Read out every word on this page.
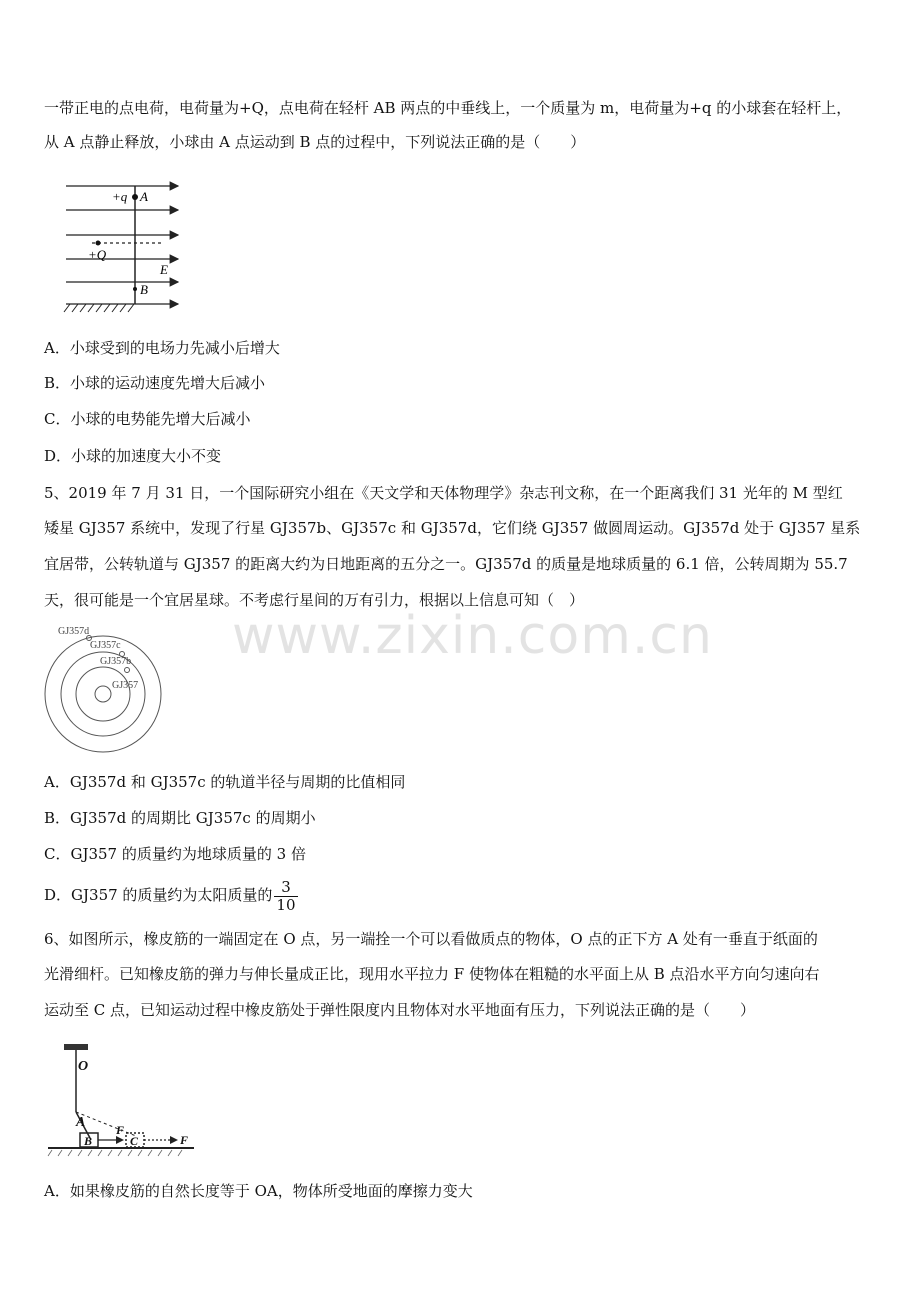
一带正电的点电荷，电荷量为+Q，点电荷在轻杆 AB 两点的中垂线上，一个质量为 m，电荷量为+q 的小球套在轻杆上，
从 A 点静止释放，小球由 A 点运动到 B 点的过程中，下列说法正确的是（　　）
+q A
+Q
E
B
A．小球受到的电场力先减小后增大
B．小球的运动速度先增大后减小
C．小球的电势能先增大后减小
D．小球的加速度大小不变
5、2019 年 7 月 31 日，一个国际研究小组在《天文学和天体物理学》杂志刊文称，在一个距离我们 31 光年的 M 型红
矮星 GJ357 系统中，发现了行星 GJ357b、GJ357c 和 GJ357d，它们绕 GJ357 做圆周运动。GJ357d 处于 GJ357 星系
宜居带，公转轨道与 GJ357 的距离大约为日地距离的五分之一。GJ357d 的质量是地球质量的 6.1 倍，公转周期为 55.7
天，很可能是一个宜居星球。不考虑行星间的万有引力，根据以上信息可知（　）
GJ357d
GJ357c
GJ357b
GJ357
www.zixin.com.cn
A．GJ357d 和 GJ357c 的轨道半径与周期的比值相同
B．GJ357d 的周期比 GJ357c 的周期小
C．GJ357 的质量约为地球质量的 3 倍
D．GJ357 的质量约为太阳质量的 $\frac{3}{10}$
6、如图所示，橡皮筋的一端固定在 O 点，另一端拴一个可以看做质点的物体，O 点的正下方 A 处有一垂直于纸面的
光滑细杆。已知橡皮筋的弹力与伸长量成正比，现用水平拉力 F 使物体在粗糙的水平面上从 B 点沿水平方向匀速向右
运动至 C 点，已知运动过程中橡皮筋处于弹性限度内且物体对水平地面有压力，下列说法正确的是（　　）
O
A
B
F
C	F
A．如果橡皮筋的自然长度等于 OA，物体所受地面的摩擦力变大
